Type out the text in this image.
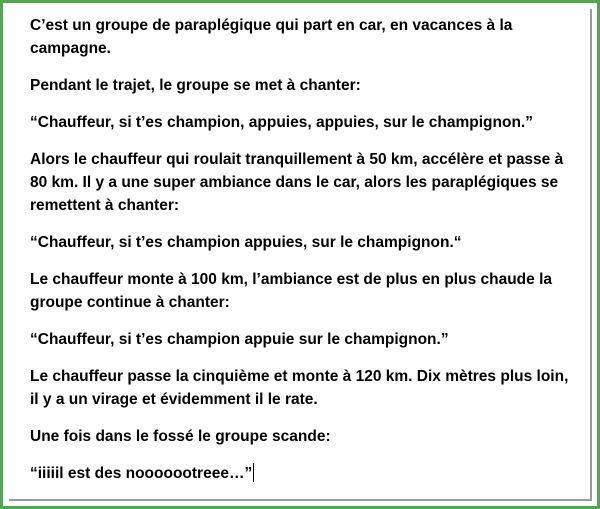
C’est un groupe de paraplégique qui part en car, en vacances à la campagne.

Pendant le trajet, le groupe se met à chanter:

“Chauffeur, si t’es champion, appuies, appuies, sur le champignon.”

Alors le chauffeur qui roulait tranquillement à 50 km, accélère et passe à 80 km. Il y a une super ambiance dans le car, alors les paraplégiques se remettent à chanter:

“Chauffeur, si t’es champion appuies, sur le champignon.“

Le chauffeur monte à 100 km, l’ambiance est de plus en plus chaude la groupe continue à chanter:

“Chauffeur, si t’es champion appuie sur le champignon.”

Le chauffeur passe la cinquième et monte à 120 km. Dix mètres plus loin, il y a un virage et évidemment il le rate.

Une fois dans le fossé le groupe scande:

“iiiiil est des nooooootreee…”
